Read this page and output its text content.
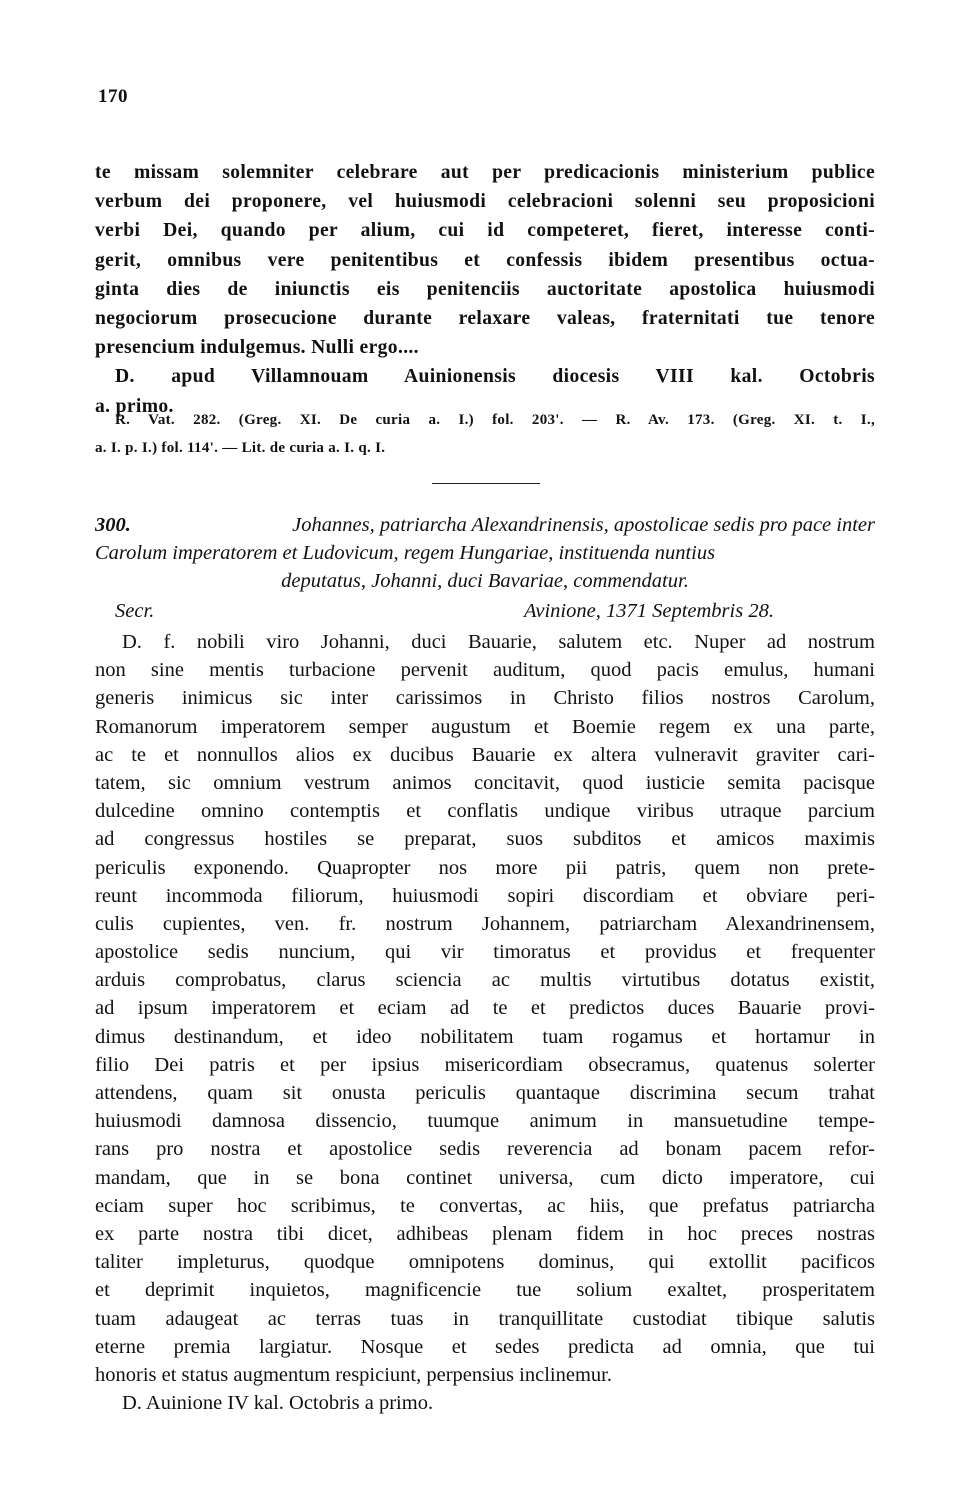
170
te missam solemniter celebrare aut per predicacionis ministerium publice
verbum dei proponere, vel huiusmodi celebracioni solenni seu proposicioni
verbi Dei, quando per alium, cui id competeret, fieret, interesse conti-
gerit, omnibus vere penitentibus et confessis ibidem presentibus octua-
ginta dies de iniunctis eis penitenciis auctoritate apostolica huiusmodi
negociorum prosecucione durante relaxare valeas, fraternitati tue tenore
presencium indulgemus. Nulli ergo....
D. apud Villamnouam Auinionensis diocesis VIII kal. Octobris
a. primo.
R. Vat. 282. (Greg. XI. De curia a. I.) fol. 203'. — R. Av. 173. (Greg. XI. t. I.,
a. I. p. I.) fol. 114'. — Lit. de curia a. I. q. I.
300.	Johannes, patriarcha Alexandrinensis, apostolicae sedis pro pace inter
Carolum imperatorem et Ludovicum, regem Hungariae, instituenda nuntius
deputatus, Johanni, duci Bavariae, commendatur.
Secr.	Avinione, 1371 Septembris 28.
D. f. nobili viro Johanni, duci Bauarie, salutem etc. Nuper ad nostrum
non sine mentis turbacione pervenit auditum, quod pacis emulus, humani
generis inimicus sic inter carissimos in Christo filios nostros Carolum,
Romanorum imperatorem semper augustum et Boemie regem ex una parte,
ac te et nonnullos alios ex ducibus Bauarie ex altera vulneravit graviter cari-
tatem, sic omnium vestrum animos concitavit, quod iusticie semita pacisque
dulcedine omnino contemptis et conflatis undique viribus utraque parcium
ad congressus hostiles se preparat, suos subditos et amicos maximis
periculis exponendo. Quapropter nos more pii patris, quem non prete-
reunt incommoda filiorum, huiusmodi sopiri discordiam et obviare peri-
culis cupientes, ven. fr. nostrum Johannem, patriarcham Alexandrinensem,
apostolice sedis nuncium, qui vir timoratus et providus et frequenter
arduis comprobatus, clarus sciencia ac multis virtutibus dotatus existit,
ad ipsum imperatorem et eciam ad te et predictos duces Bauarie provi-
dimus destinandum, et ideo nobilitatem tuam rogamus et hortamur in
filio Dei patris et per ipsius misericordiam obsecramus, quatenus solerter
attendens, quam sit onusta periculis quantaque discrimina secum trahat
huiusmodi damnosa dissencio, tuumque animum in mansuetudine tempe-
rans pro nostra et apostolice sedis reverencia ad bonam pacem refor-
mandam, que in se bona continet universa, cum dicto imperatore, cui
eciam super hoc scribimus, te convertas, ac hiis, que prefatus patriarcha
ex parte nostra tibi dicet, adhibeas plenam fidem in hoc preces nostras
taliter impleturus, quodque omnipotens dominus, qui extollit pacificos
et deprimit inquietos, magnificencie tue solium exaltet, prosperitatem
tuam adaugeat ac terras tuas in tranquillitate custodiat tibique salutis
eterne premia largiatur. Nosque et sedes predicta ad omnia, que tui
honoris et status augmentum respiciunt, perpensius inclinemur.
D. Auinione IV kal. Octobris a primo.
